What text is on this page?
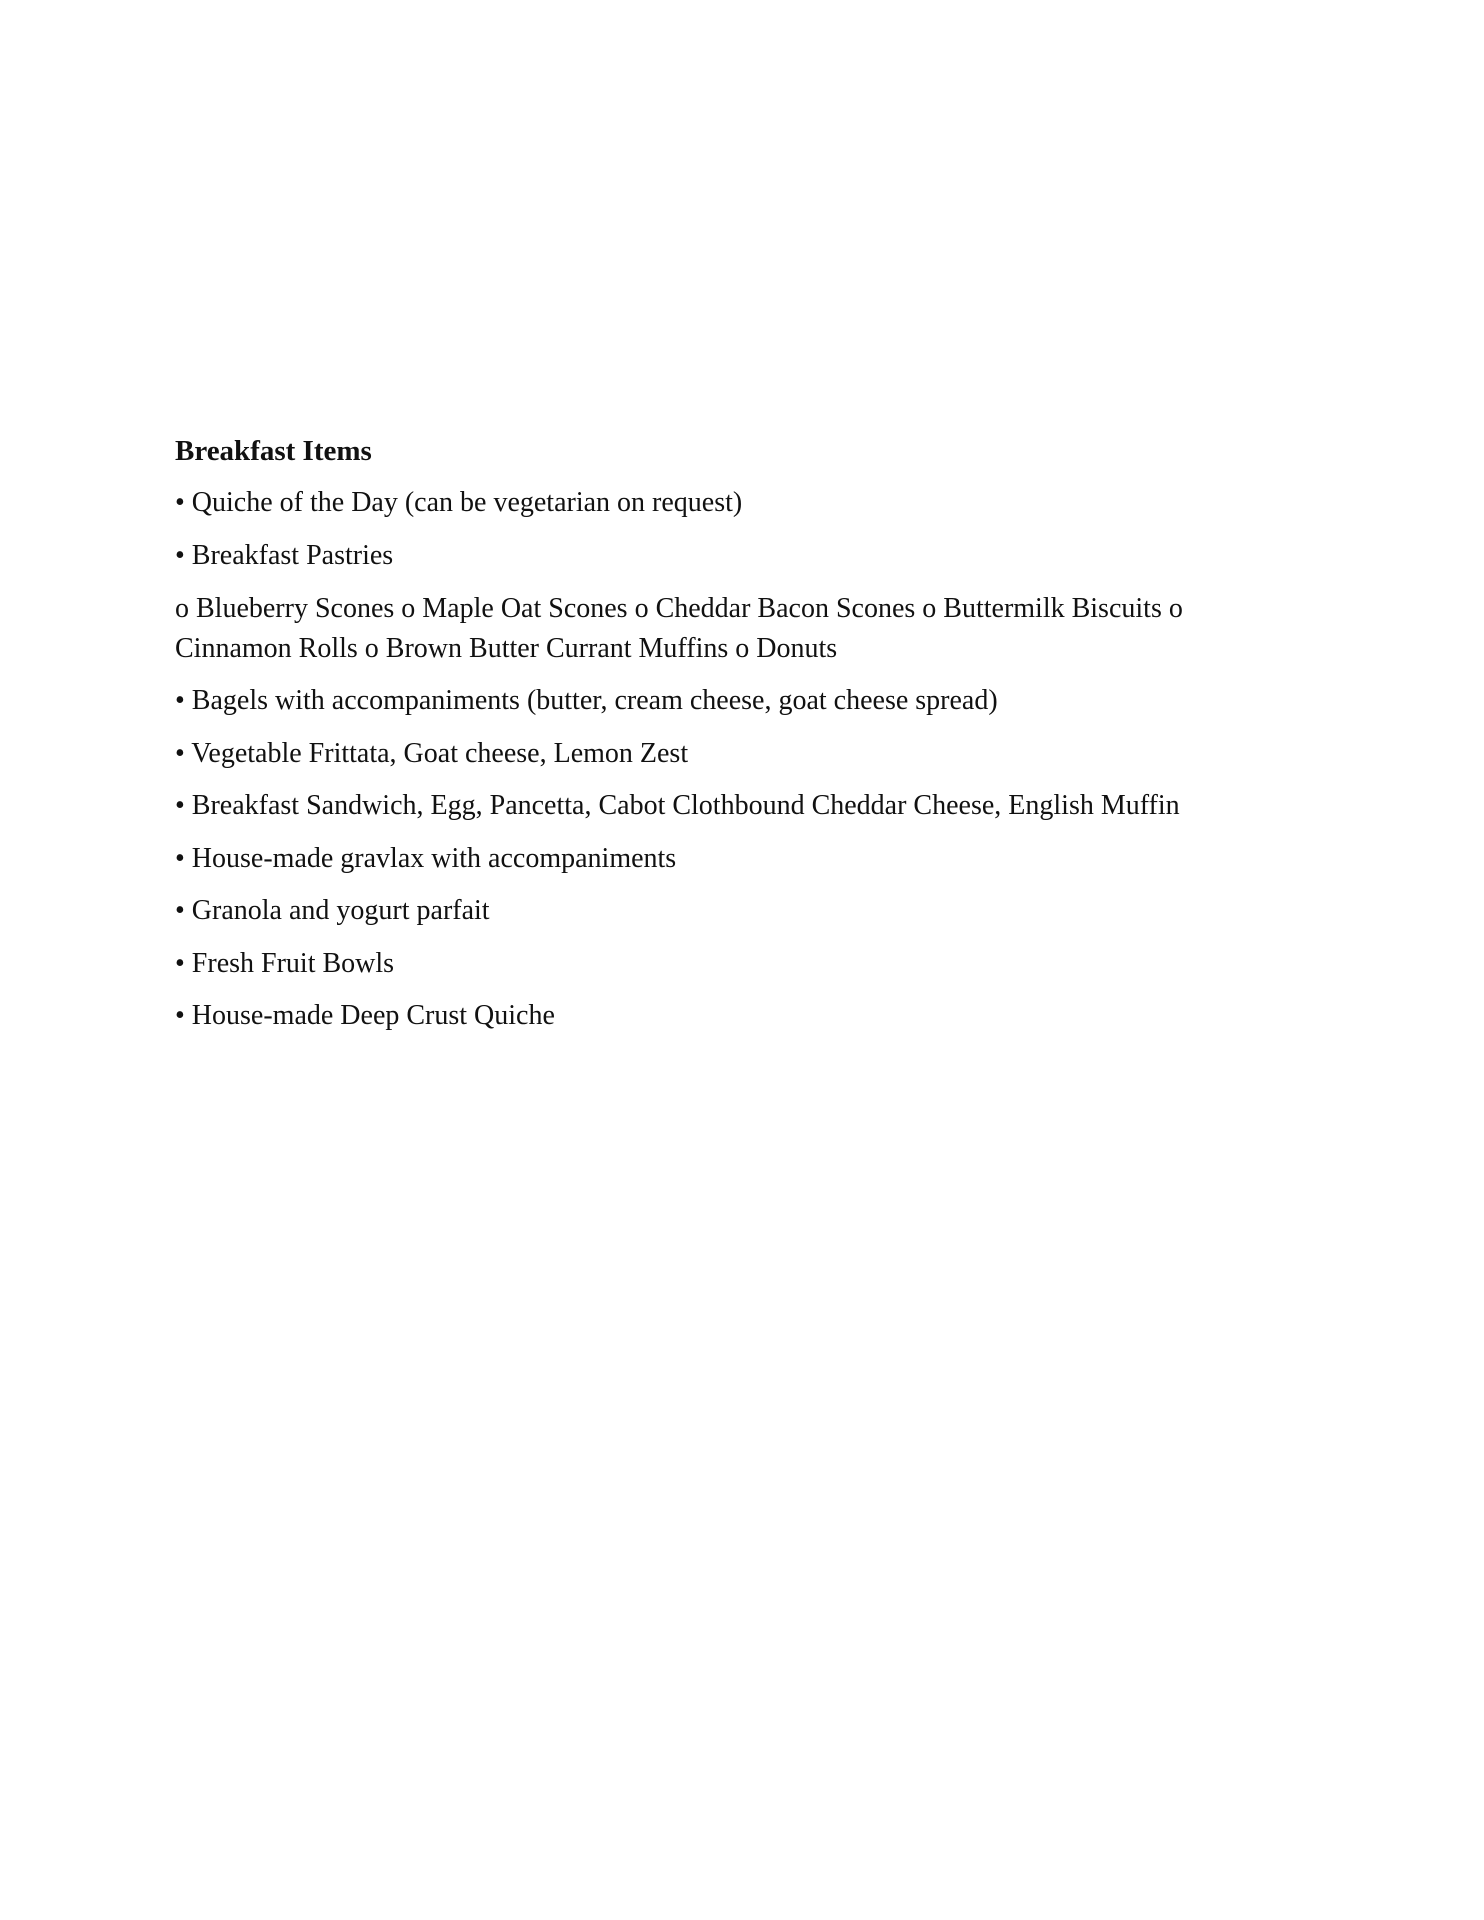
Breakfast Items
• Quiche of the Day (can be vegetarian on request)
• Breakfast Pastries
o Blueberry Scones o Maple Oat Scones o Cheddar Bacon Scones o Buttermilk Biscuits o Cinnamon Rolls o Brown Butter Currant Muffins o Donuts
• Bagels with accompaniments (butter, cream cheese, goat cheese spread)
• Vegetable Frittata, Goat cheese, Lemon Zest
• Breakfast Sandwich, Egg, Pancetta, Cabot Clothbound Cheddar Cheese, English Muffin
• House-made gravlax with accompaniments
• Granola and yogurt parfait
• Fresh Fruit Bowls
• House-made Deep Crust Quiche
